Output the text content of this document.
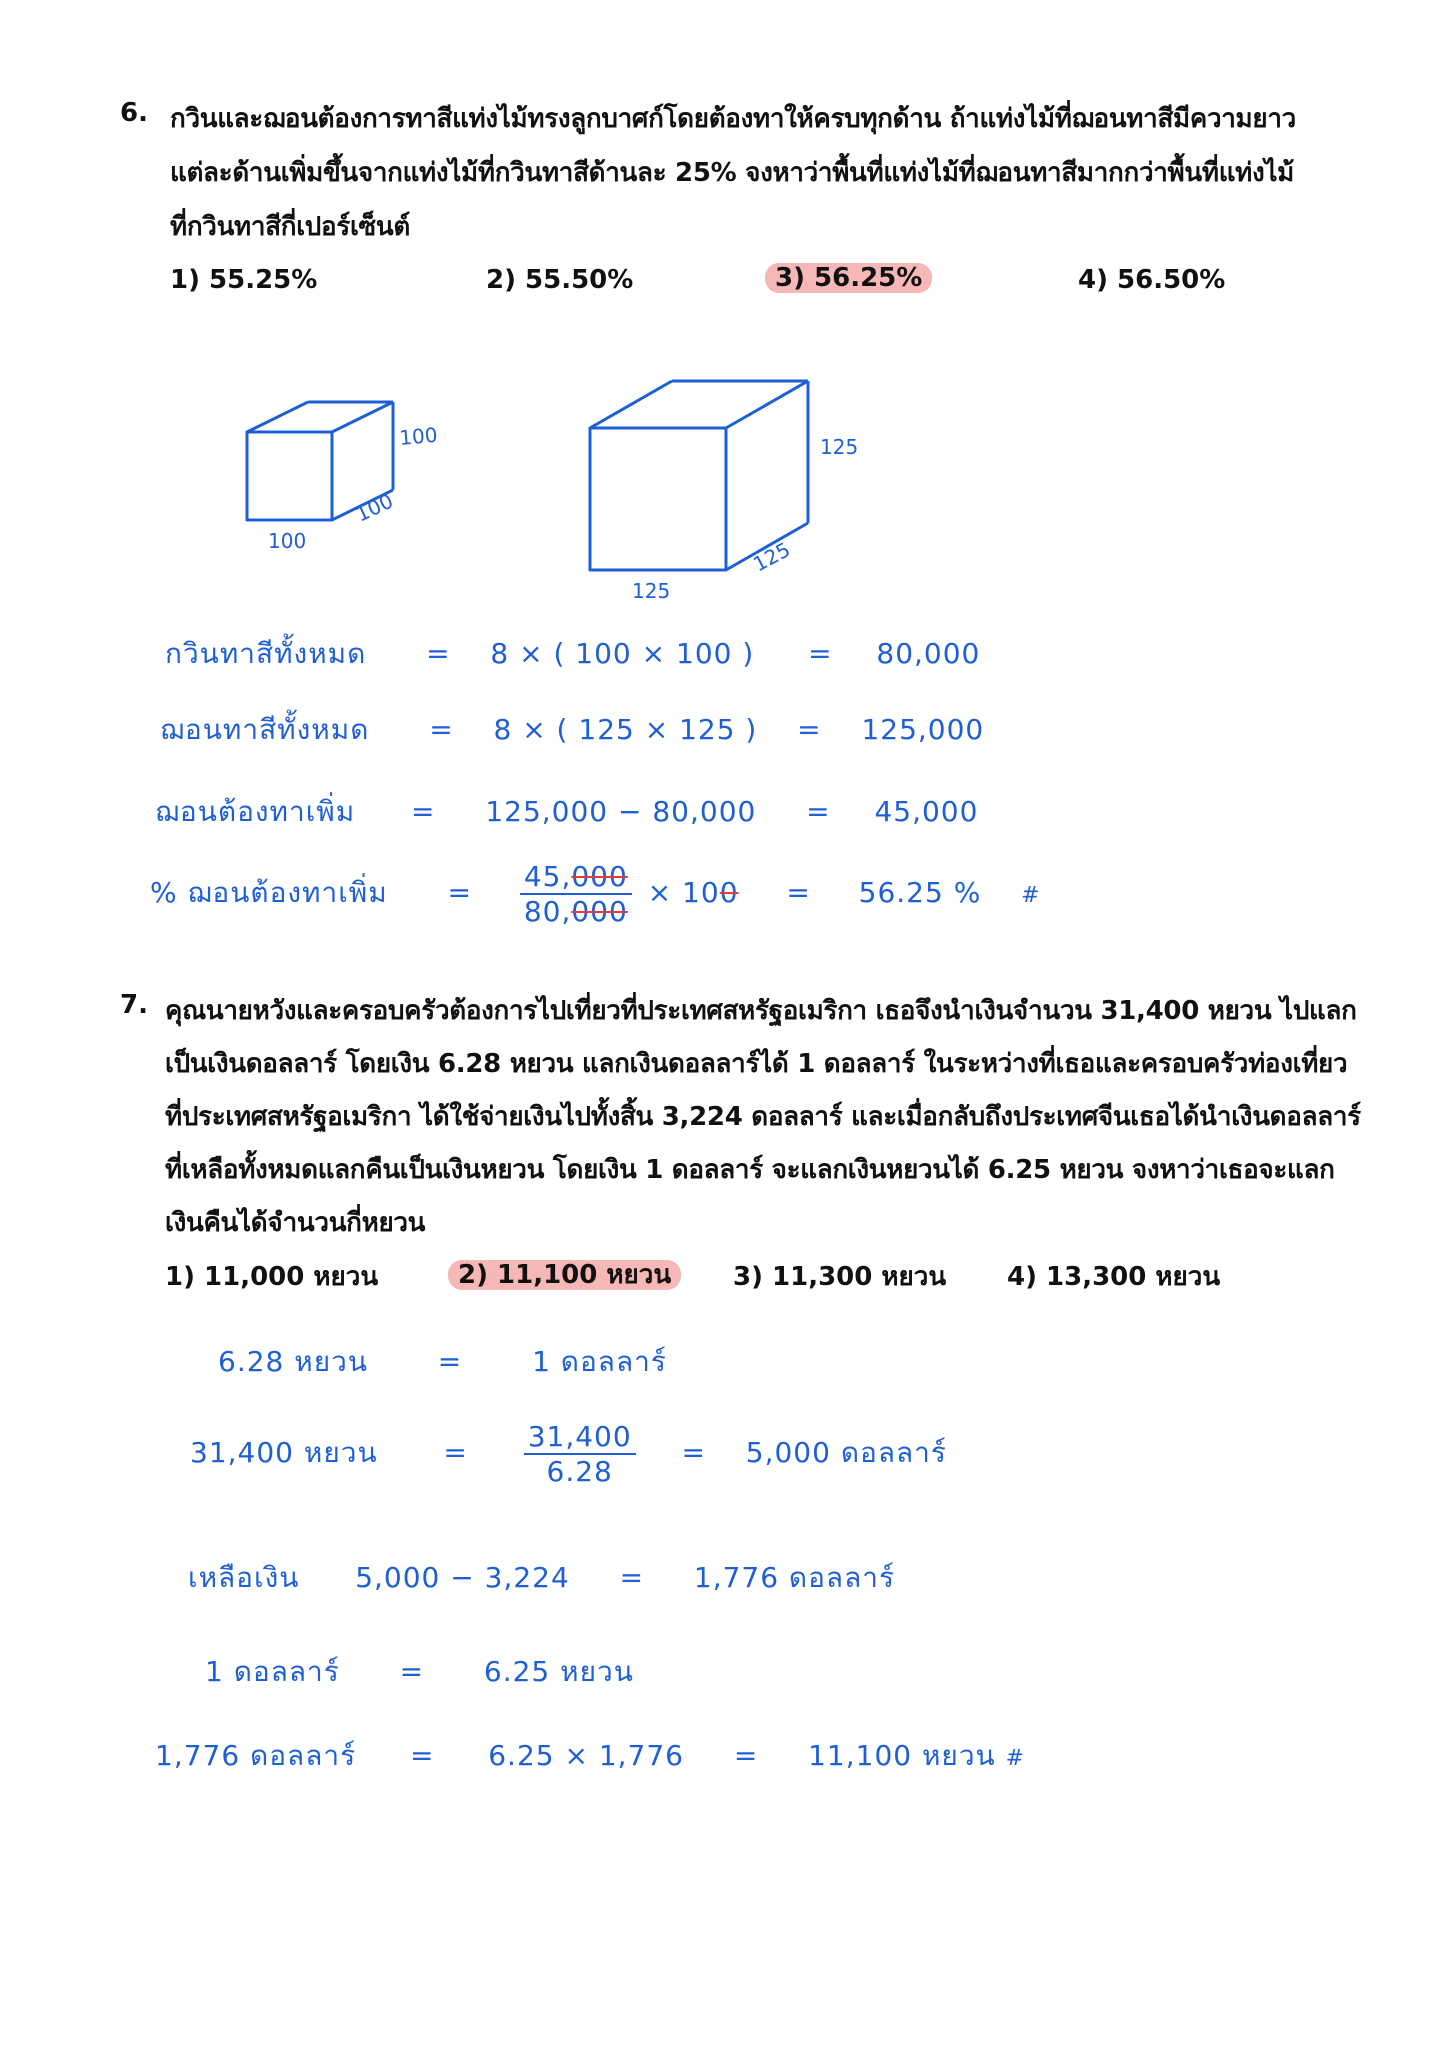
6. กวินและฌอนต้องการทาสีแท่งไม้ทรงลูกบาศก์โดยต้องทาให้ครบทุกด้าน ถ้าแท่งไม้ที่ฌอนทาสีมีความยาว
แต่ละด้านเพิ่มขึ้นจากแท่งไม้ที่กวินทาสีด้านละ 25% จงหาว่าพื้นที่แท่งไม้ที่ฌอนทาสีมากกว่าพื้นที่แท่งไม้
ที่กวินทาสีกี่เปอร์เซ็นต์
1) 55.25%	2) 55.50%	3) 56.25%	4) 56.50%
100
100
100
125
125
125
กวินทาสีทั้งหมด = 8 × ( 100 × 100 ) = 80,000
ฌอนทาสีทั้งหมด = 8 × ( 125 × 125 ) = 125,000
ฌอนต้องทาเพิ่ม = 125,000 − 80,000 = 45,000
% ฌอนต้องทาเพิ่ม = $\frac{45,000}{80,000} \times 100 = 56.25$ % #
7. คุณนายหวังและครอบครัวต้องการไปเที่ยวที่ประเทศสหรัฐอเมริกา เธอจึงนำเงินจำนวน 31,400 หยวน ไปแลก
เป็นเงินดอลลาร์ โดยเงิน 6.28 หยวน แลกเงินดอลลาร์ได้ 1 ดอลลาร์ ในระหว่างที่เธอและครอบครัวท่องเที่ยว
ที่ประเทศสหรัฐอเมริกา ได้ใช้จ่ายเงินไปทั้งสิ้น 3,224 ดอลลาร์ และเมื่อกลับถึงประเทศจีนเธอได้นำเงินดอลลาร์
ที่เหลือทั้งหมดแลกคืนเป็นเงินหยวน โดยเงิน 1 ดอลลาร์ จะแลกเงินหยวนได้ 6.25 หยวน จงหาว่าเธอจะแลก
เงินคืนได้จำนวนกี่หยวน
1) 11,000 หยวน	2) 11,100 หยวน	3) 11,300 หยวน 4) 13,300 หยวน
6.28 หยวน = 1 ดอลลาร์
31,400 หยวน = $\frac{31,400}{6.28} = 5,000$ ดอลลาร์
เหลือเงิน 5,000 − 3,224 = 1,776 ดอลลาร์
1 ดอลลาร์ = 6.25 หยวน
1,776 ดอลลาร์ = 6.25 × 1,776 = 11,100 หยวน #
